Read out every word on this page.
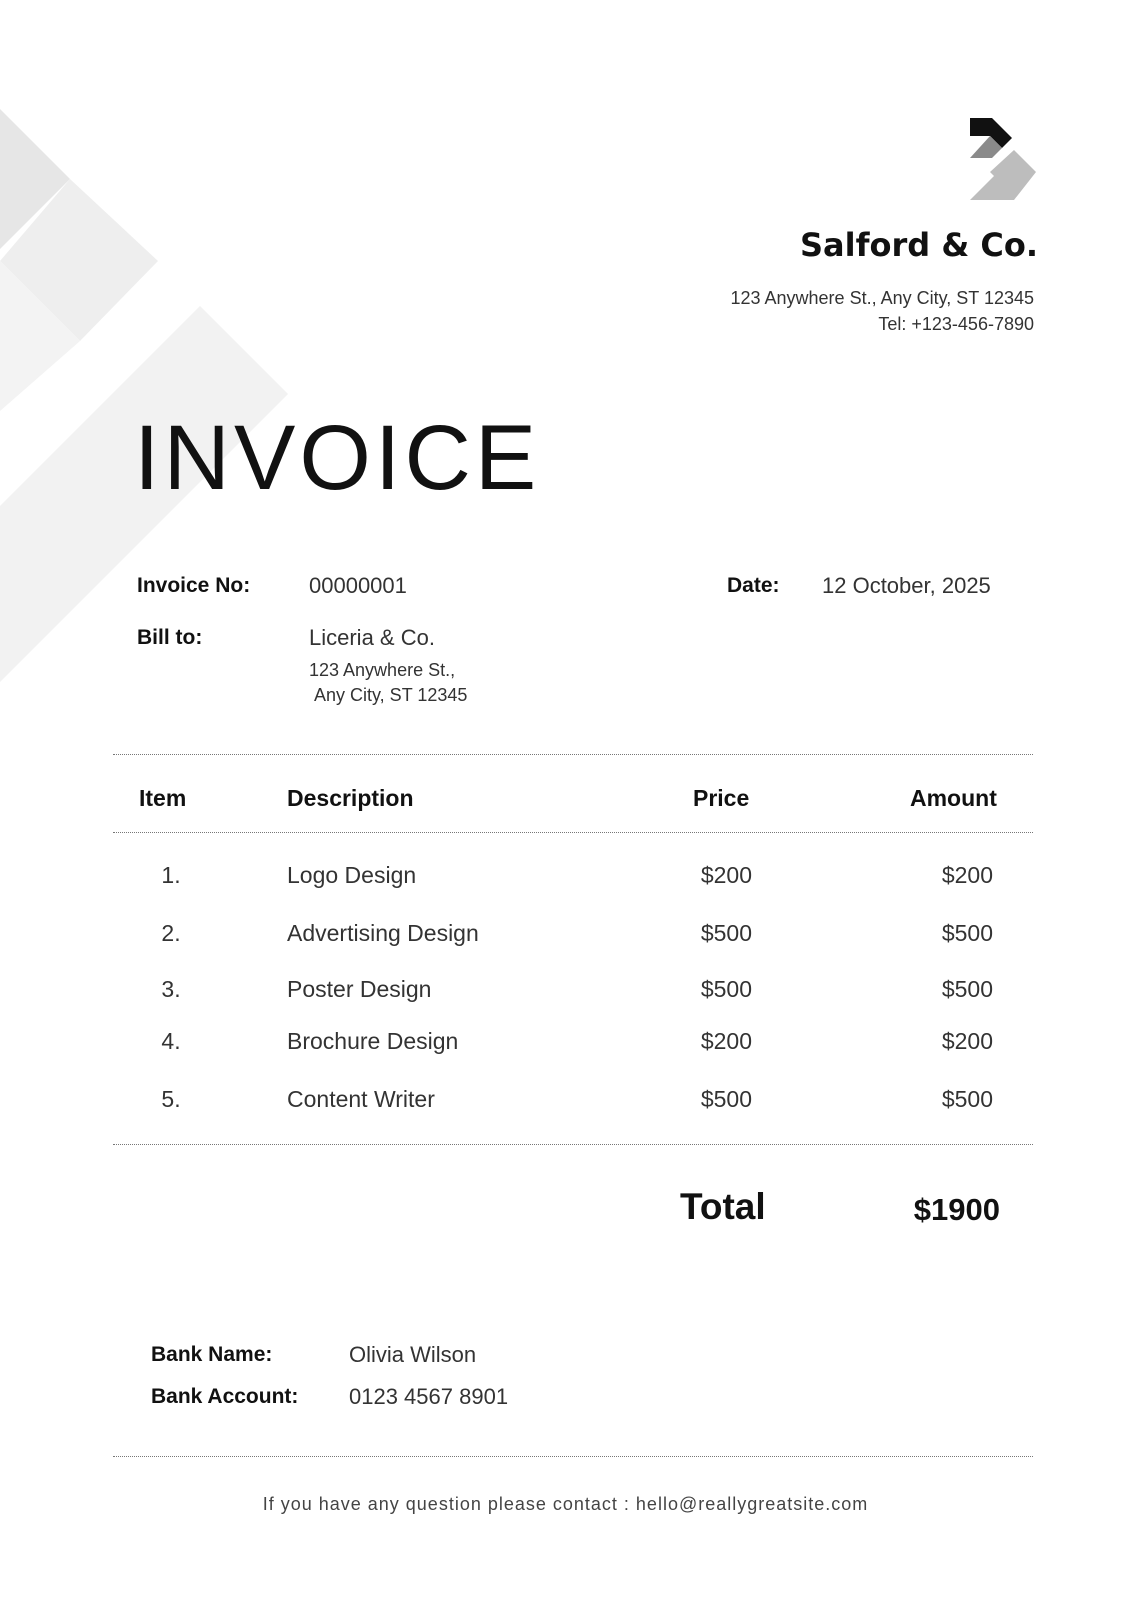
Salford & Co.
123 Anywhere St., Any City, ST 12345
Tel: +123-456-7890
INVOICE
Invoice No:	00000001	Date: 12 October, 2025
Bill to:	Liceria & Co.
123 Anywhere St.,
Any City, ST 12345
Item	Description	Price	Amount
1.	Logo Design	$200	$200
2.	Advertising Design	$500	$500
3.	Poster Design	$500	$500
4.	Brochure Design	$200	$200
5.	Content Writer	$500	$500
Total	$1900
Bank Name:	Olivia Wilson
Bank Account: 0123 4567 8901
If you have any question please contact : hello@reallygreatsite.com
